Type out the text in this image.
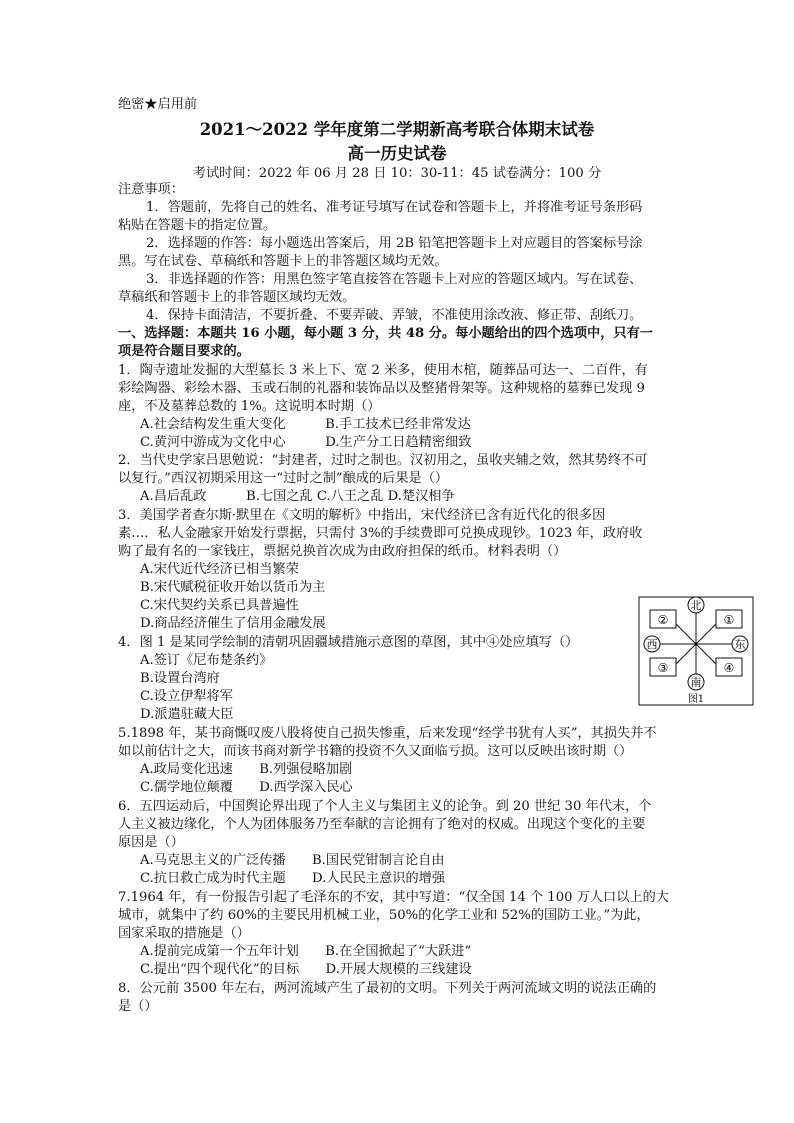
绝密★启用前
2021～2022 学年度第二学期新高考联合体期末试卷
高一历史试卷
考试时间：2022 年 06 月 28 日 10：30-11：45 试卷满分：100 分
注意事项：
1．答题前，先将自己的姓名、准考证号填写在试卷和答题卡上，并将准考证号条形码
粘贴在答题卡的指定位置。
2．选择题的作答：每小题选出答案后，用 2B 铅笔把答题卡上对应题目的答案标号涂
黑。写在试卷、草稿纸和答题卡上的非答题区域均无效。
3．非选择题的作答：用黑色签字笔直接答在答题卡上对应的答题区域内。写在试卷、
草稿纸和答题卡上的非答题区域均无效。
4．保持卡面清洁，不要折叠、不要弄破、弄皱，不准使用涂改液、修正带、刮纸刀。
一、选择题：本题共 16 小题，每小题 3 分，共 48 分。每小题给出的四个选项中，只有一
项是符合题目要求的。
1．陶寺遗址发掘的大型墓长 3 米上下、宽 2 米多，使用木棺，随葬品可达一、二百件，有
彩绘陶器、彩绘木器、玉或石制的礼器和装饰品以及整猪骨架等。这种规格的墓葬已发现 9
座，不及墓葬总数的 1%。这说明本时期（）
A.社会结构发生重大变化　　　B.手工技术已经非常发达
C.黄河中游成为文化中心　　　D.生产分工日趋精密细致
2．当代史学家吕思勉说：“封建者，过时之制也。汉初用之，虽收夹辅之效，然其势终不可
以复行。”西汉初期采用这一“过时之制”酿成的后果是（）
A.昌后乱政　　　B.七国之乱 C.八王之乱 D.楚汉相争
3．美国学者查尔斯·默里在《文明的解析》中指出，宋代经济已含有近代化的很多因
素…．私人金融家开始发行票据，只需付 3%的手续费即可兑换成现钞。1023 年，政府收
购了最有名的一家钱庄，票据兑换首次成为由政府担保的纸币。材料表明（）
A.宋代近代经济已相当繁荣
B.宋代赋税征收开始以货币为主
C.宋代契约关系已具普遍性
D.商品经济催生了信用金融发展
4．图 1 是某同学绘制的清朝巩固疆域措施示意图的草图，其中④处应填写（）
A.签订《尼布楚条约》
B.设置台湾府
C.设立伊犁将军
D.派遣驻藏大臣
5.1898 年，某书商慨叹废八股将使自己损失惨重，后来发现“经学书犹有人买”，其损失并不
如以前估计之大，而该书商对新学书籍的投资不久又面临亏损。这可以反映出该时期（）
A.政局变化迅速　　B.列强侵略加剧
C.儒学地位颠覆　　D.西学深入民心
6．五四运动后，中国舆论界出现了个人主义与集团主义的论争。到 20 世纪 30 年代末，个
人主义被边缘化，个人为团体服务乃至奉献的言论拥有了绝对的权威。出现这个变化的主要
原因是（）
A.马克思主义的广泛传播　　B.国民党钳制言论自由
C.抗日救亡成为时代主题　　D.人民民主意识的增强
7.1964 年，有一份报告引起了毛泽东的不安，其中写道：“仅全国 14 个 100 万人口以上的大
城市，就集中了约 60%的主要民用机械工业，50%的化学工业和 52%的国防工业。”为此，
国家采取的措施是（）
A.提前完成第一个五年计划　　B.在全国掀起了“大跃进”
C.提出“四个现代化”的目标　　D.开展大规模的三线建设
8．公元前 3500 年左右，两河流域产生了最初的文明。下列关于两河流域文明的说法正确的
是（）
北
南
西	东
②	①
③	④
图1
